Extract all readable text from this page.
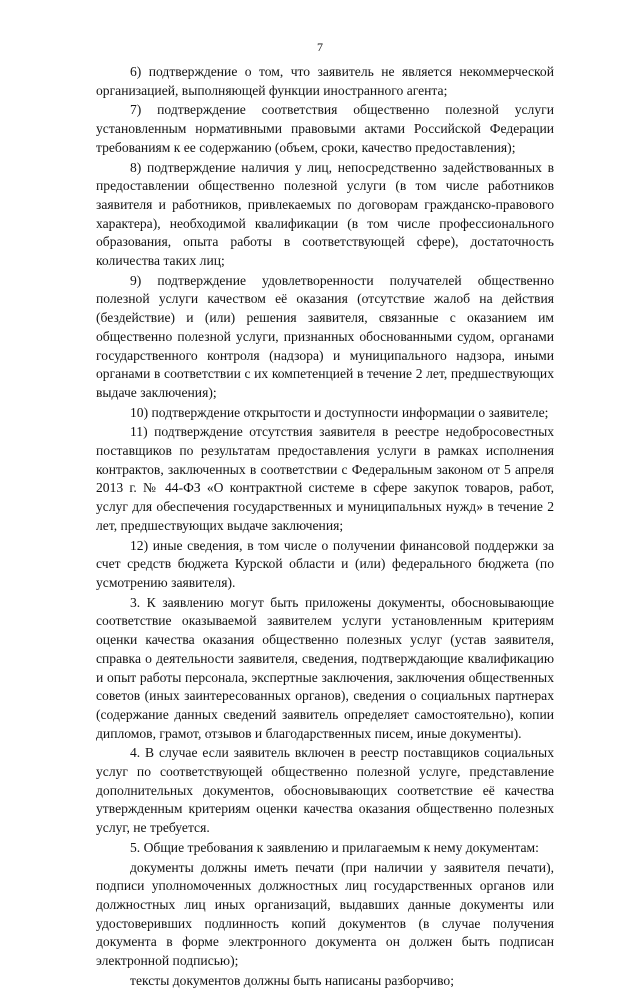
7

6) подтверждение о том, что заявитель не является некоммерческой организацией, выполняющей функции иностранного агента;

7) подтверждение соответствия общественно полезной услуги установленным нормативными правовыми актами Российской Федерации требованиям к ее содержанию (объем, сроки, качество предоставления);

8) подтверждение наличия у лиц, непосредственно задействованных в предоставлении общественно полезной услуги (в том числе работников заявителя и работников, привлекаемых по договорам гражданско-правового характера), необходимой квалификации (в том числе профессионального образования, опыта работы в соответствующей сфере), достаточность количества таких лиц;

9) подтверждение удовлетворенности получателей общественно полезной услуги качеством её оказания (отсутствие жалоб на действия (бездействие) и (или) решения заявителя, связанные с оказанием им общественно полезной услуги, признанных обоснованными судом, органами государственного контроля (надзора) и муниципального надзора, иными органами в соответствии с их компетенцией в течение 2 лет, предшествующих выдаче заключения);

10) подтверждение открытости и доступности информации о заявителе;

11) подтверждение отсутствия заявителя в реестре недобросовестных поставщиков по результатам предоставления услуги в рамках исполнения контрактов, заключенных в соответствии с Федеральным законом от 5 апреля 2013 г. № 44-ФЗ «О контрактной системе в сфере закупок товаров, работ, услуг для обеспечения государственных и муниципальных нужд» в течение 2 лет, предшествующих выдаче заключения;

12) иные сведения, в том числе о получении финансовой поддержки за счет средств бюджета Курской области и (или) федерального бюджета (по усмотрению заявителя).

3. К заявлению могут быть приложены документы, обосновывающие соответствие оказываемой заявителем услуги установленным критериям оценки качества оказания общественно полезных услуг (устав заявителя, справка о деятельности заявителя, сведения, подтверждающие квалификацию и опыт работы персонала, экспертные заключения, заключения общественных советов (иных заинтересованных органов), сведения о социальных партнерах (содержание данных сведений заявитель определяет самостоятельно), копии дипломов, грамот, отзывов и благодарственных писем, иные документы).

4. В случае если заявитель включен в реестр поставщиков социальных услуг по соответствующей общественно полезной услуге, представление дополнительных документов, обосновывающих соответствие её качества утвержденным критериям оценки качества оказания общественно полезных услуг, не требуется.

5. Общие требования к заявлению и прилагаемым к нему документам:

документы должны иметь печати (при наличии у заявителя печати), подписи уполномоченных должностных лиц государственных органов или должностных лиц иных организаций, выдавших данные документы или удостоверивших подлинность копий документов (в случае получения документа в форме электронного документа он должен быть подписан электронной подписью);

тексты документов должны быть написаны разборчиво;
